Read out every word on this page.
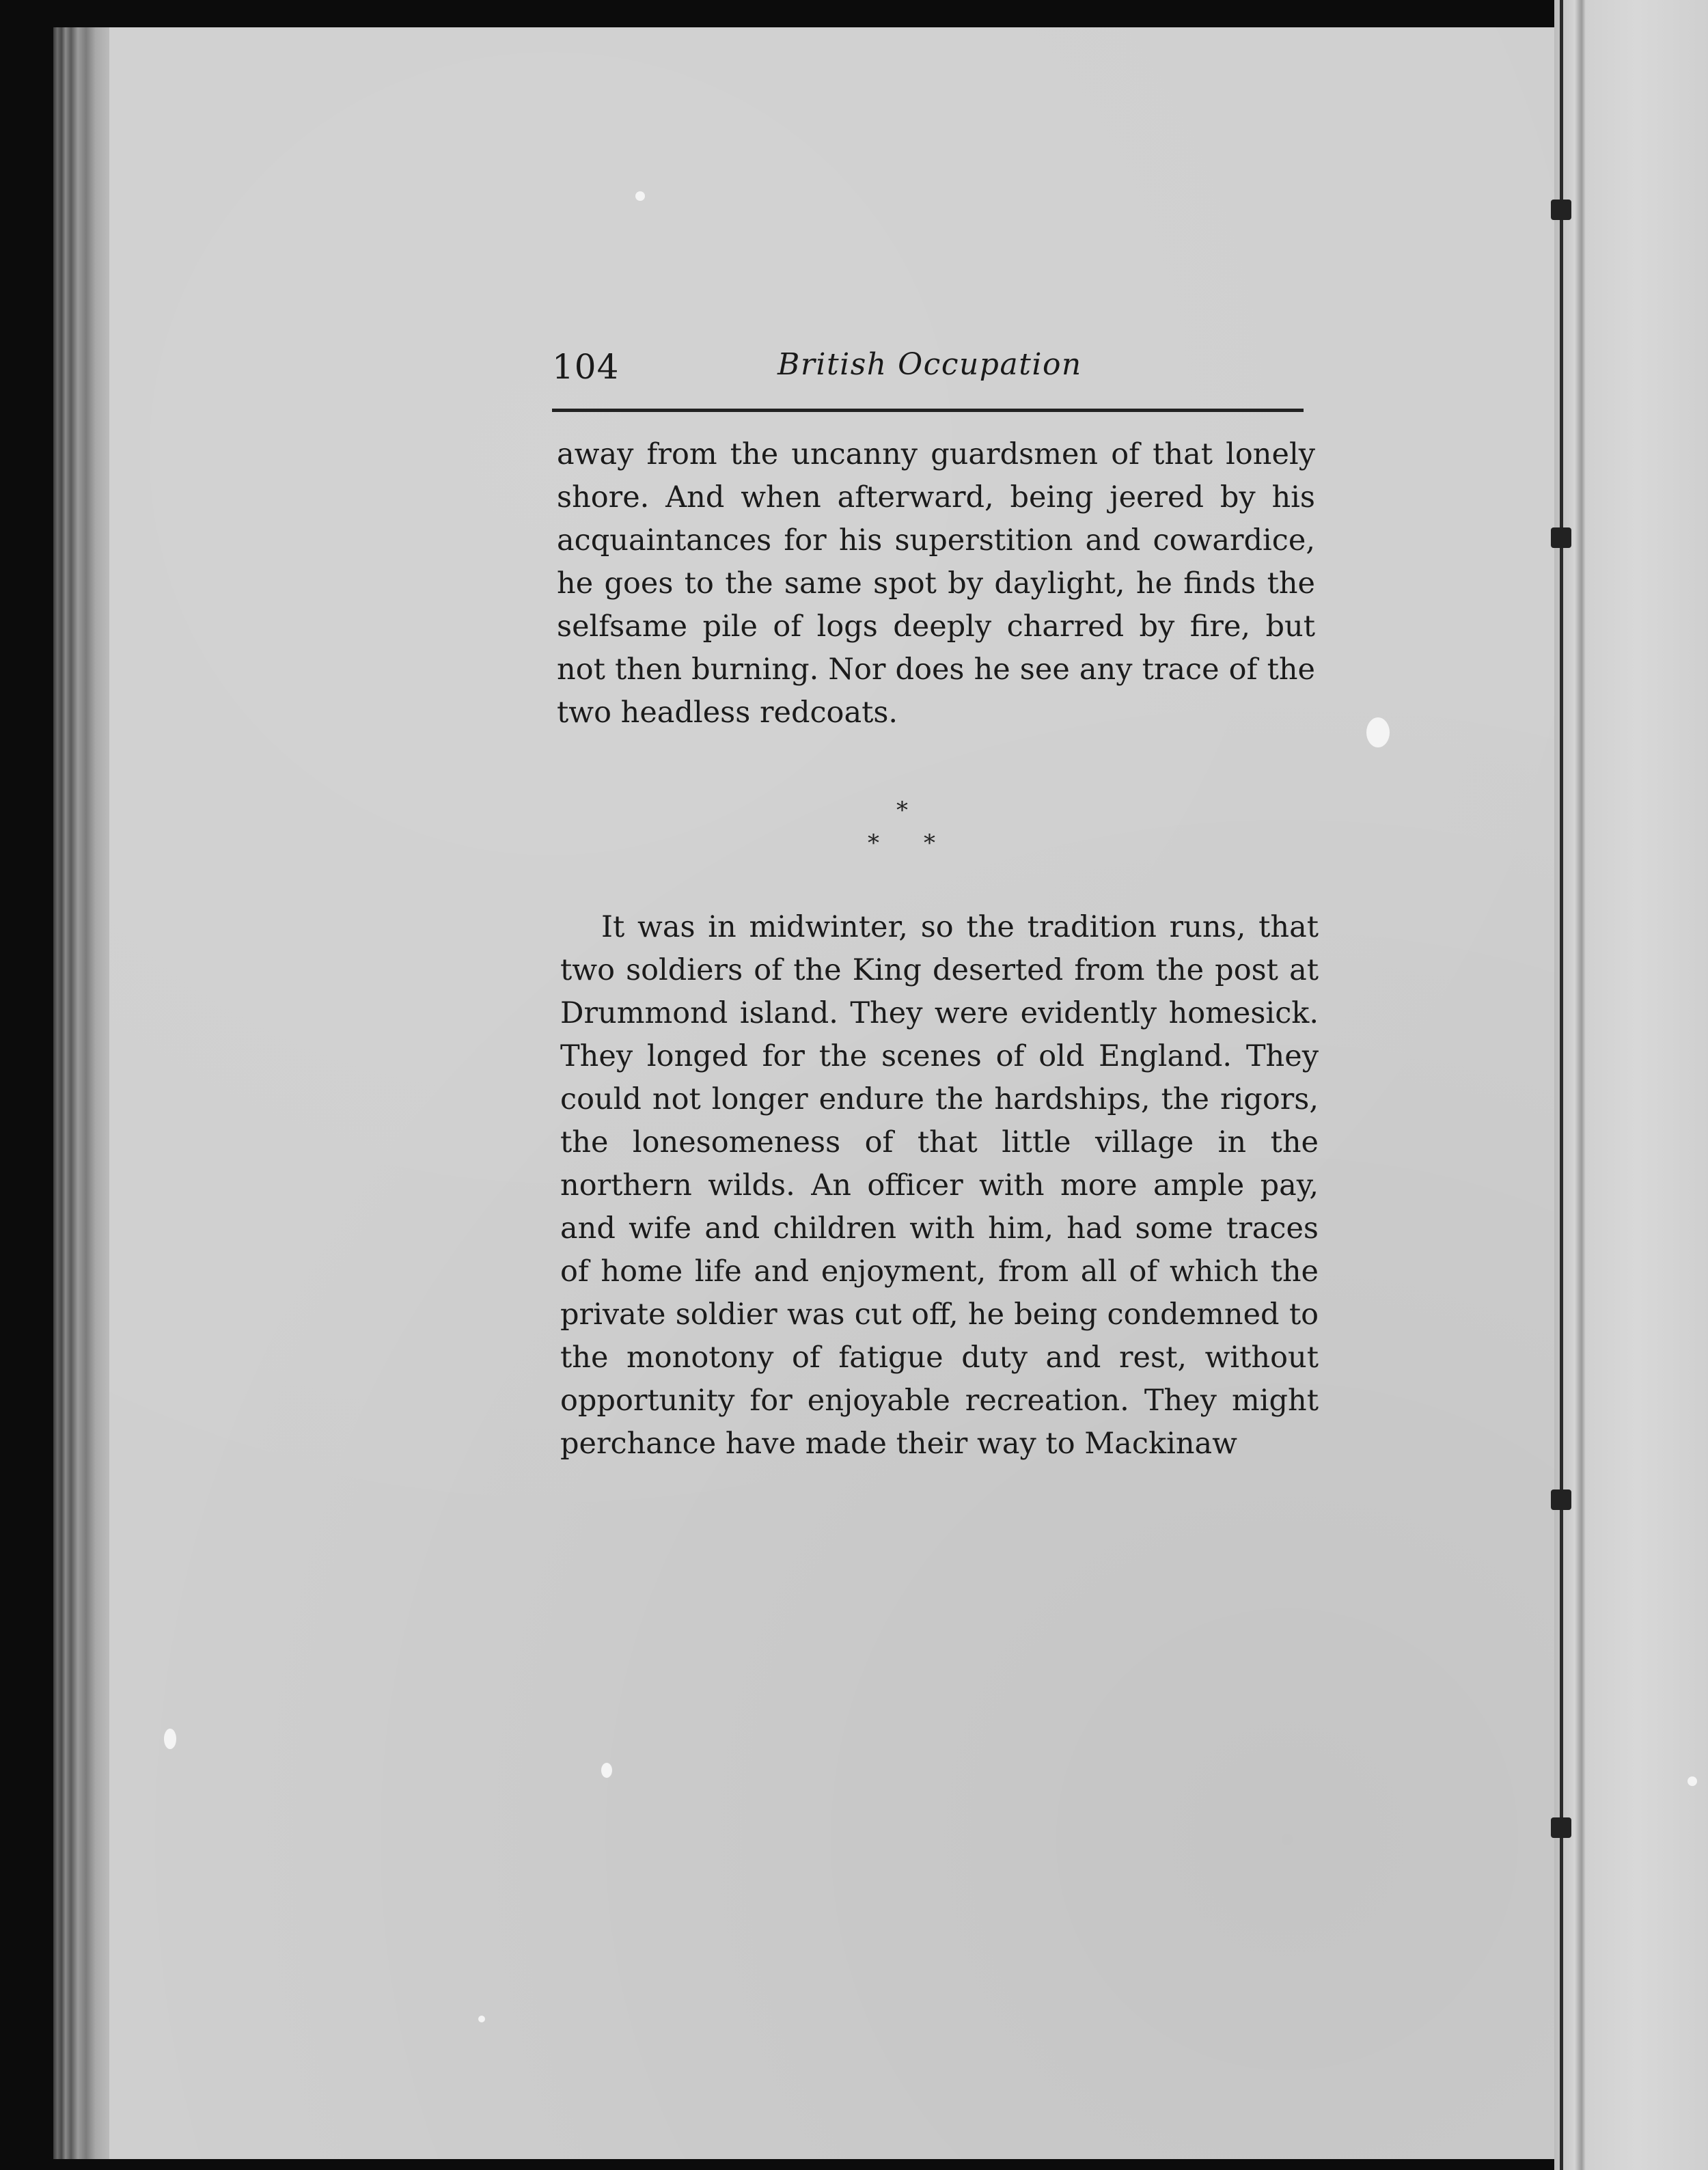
104	British Occupation

away from the uncanny guardsmen of that lonely shore. And when afterward, being jeered by his acquaintances for his superstition and cowardice, he goes to the same spot by daylight, he finds the selfsame pile of logs deeply charred by fire, but not then burning. Nor does he see any trace of the two headless redcoats.

*
* *

It was in midwinter, so the tradition runs, that two soldiers of the King deserted from the post at Drummond island. They were evidently homesick. They longed for the scenes of old England. They could not longer endure the hardships, the rigors, the lonesomeness of that little village in the northern wilds. An officer with more ample pay, and wife and children with him, had some traces of home life and enjoyment, from all of which the private soldier was cut off, he being condemned to the monotony of fatigue duty and rest, without opportunity for enjoyable recreation. They might perchance have made their way to Mackinaw
